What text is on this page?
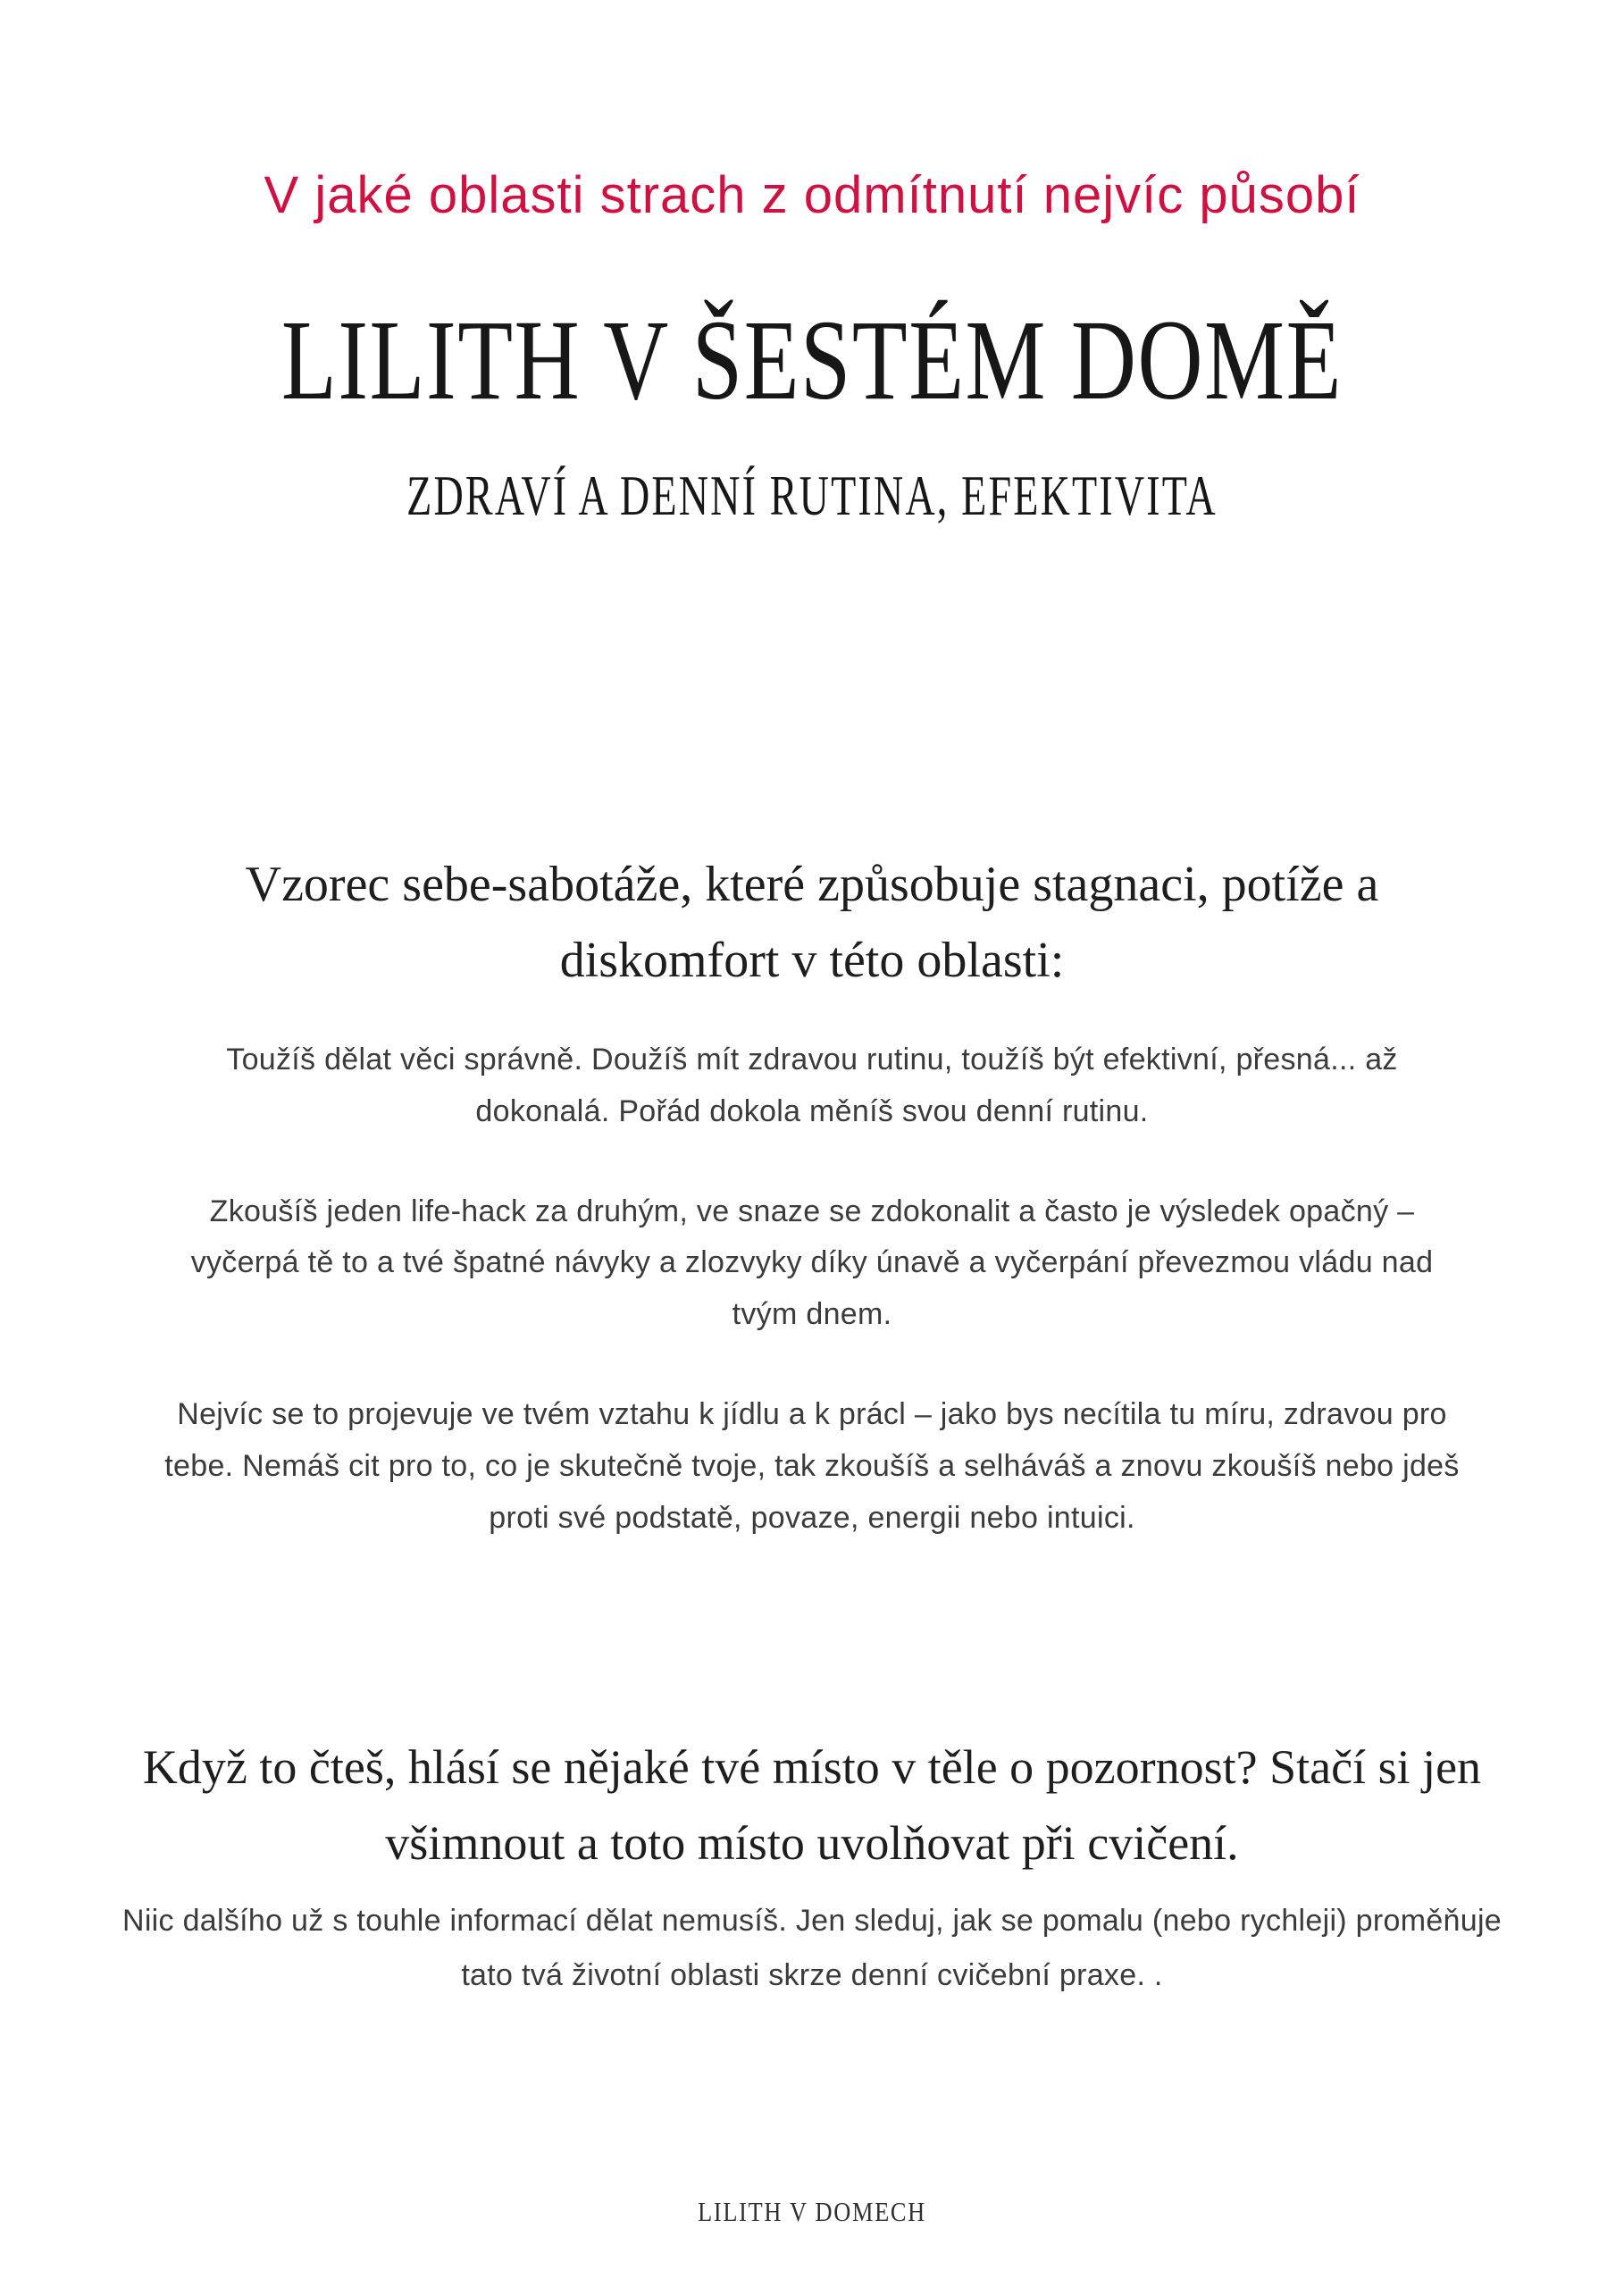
V jaké oblasti strach z odmítnutí nejvíc působí
LILITH V ŠESTÉM DOMĚ
ZDRAVÍ A DENNÍ RUTINA, EFEKTIVITA
Vzorec sebe-sabotáže, které způsobuje stagnaci, potíže a diskomfort v této oblasti:

Toužíš dělat věci správně. Doužíš mít zdravou rutinu, toužíš být efektivní, přesná... až dokonalá. Pořád dokola měníš svou denní rutinu.

Zkoušíš jeden life-hack za druhým, ve snaze se zdokonalit a často je výsledek opačný – vyčerpá tě to a tvé špatné návyky a zlozvyky díky únavě a vyčerpání převezmou vládu nad tvým dnem.

Nejvíc se to projevuje ve tvém vztahu k jídlu a k prácl – jako bys necítila tu míru, zdravou pro tebe. Nemáš cit pro to, co je skutečně tvoje, tak zkoušíš a selháváš a znovu zkoušíš nebo jdeš proti své podstatě, povaze, energii nebo intuici.

Když to čteš, hlásí se nějaké tvé místo v těle o pozornost? Stačí si jen všimnout a toto místo uvolňovat při cvičení.

Niic dalšího už s touhle informací dělat nemusíš. Jen sleduj, jak se pomalu (nebo rychleji) proměňuje tato tvá životní oblasti skrze denní cvičební praxe. .

LILITH V DOMECH
